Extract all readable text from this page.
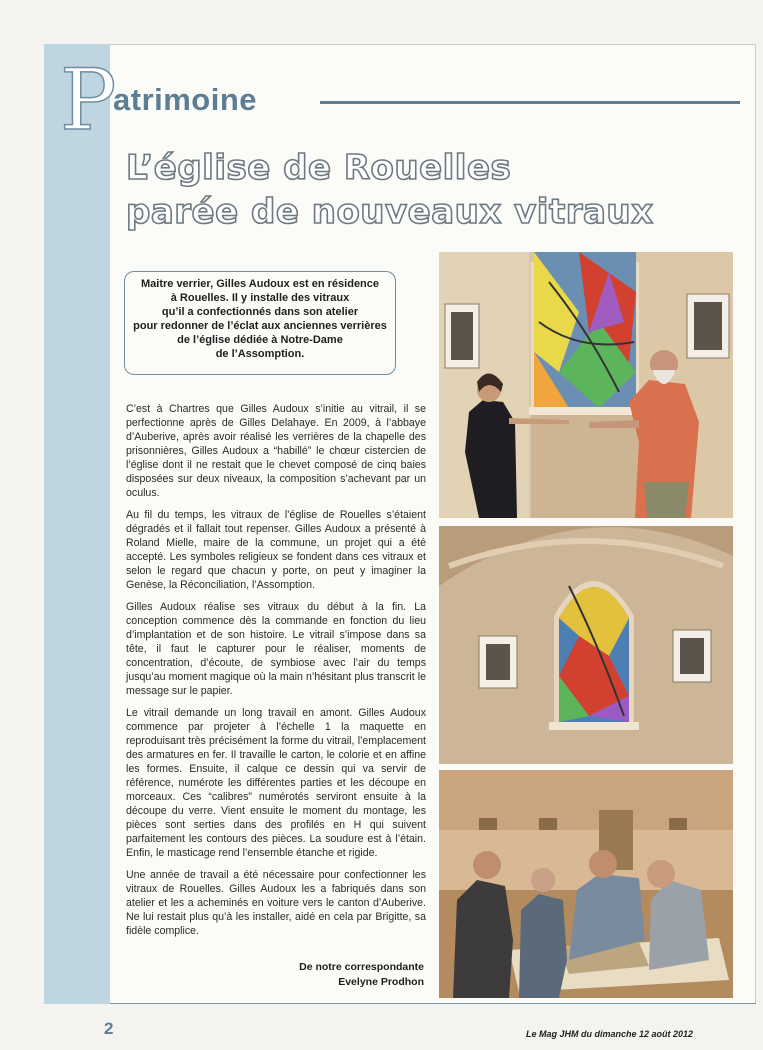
P
atrimoine
L’église de Rouelles
parée de nouveaux vitraux
Maitre verrier, Gilles Audoux est en résidence
à Rouelles. Il y installe des vitraux
qu’il a confectionnés dans son atelier
pour redonner de l’éclat aux anciennes verrières
de l’église dédiée à Notre-Dame
de l’Assomption.

C’est à Chartres que Gilles Audoux s’initie au vitrail, il se perfectionne après de Gilles Delahaye. En 2009, à l’abbaye d’Auberive, après avoir réalisé les verrières de la chapelle des prisonnières, Gilles Audoux a “habillé” le chœur cistercien de l’église dont il ne restait que le chevet composé de cinq baies disposées sur deux niveaux, la composition s’achevant par un oculus.

Au fil du temps, les vitraux de l’église de Rouelles s’étaient dégradés et il fallait tout repenser. Gilles Audoux a présenté à Roland Mielle, maire de la commune, un projet qui a été accepté. Les symboles religieux se fondent dans ces vitraux et selon le regard que chacun y porte, on peut y imaginer la Genèse, la Réconciliation, l’Assomption.

Gilles Audoux réalise ses vitraux du début à la fin. La conception commence dès la commande en fonction du lieu d’implantation et de son histoire. Le vitrail s’impose dans sa tête, il faut le capturer pour le réaliser, moments de concentration, d’écoute, de symbiose avec l’air du temps jusqu’au moment magique où la main n’hésitant plus transcrit le message sur le papier.

Le vitrail demande un long travail en amont. Gilles Audoux commence par projeter à l’échelle 1 la maquette en reproduisant très précisément la forme du vitrail, l’emplacement des armatures en fer. Il travaille le carton, le colorie et en affine les formes. Ensuite, il calque ce dessin qui va servir de référence, numérote les différentes parties et les découpe en morceaux. Ces “calibres” numérotés serviront ensuite à la découpe du verre. Vient ensuite le moment du montage, les pièces sont serties dans des profilés en H qui suivent parfaitement les contours des pièces. La soudure est à l’étain. Enfin, le masticage rend l’ensemble étanche et rigide.

Une année de travail a été nécessaire pour confectionner les vitraux de Rouelles. Gilles Audoux les a fabriqués dans son atelier et les a acheminés en voiture vers le canton d’Auberive. Ne lui restait plus qu’à les installer, aidé en cela par Brigitte, sa fidèle complice.

De notre correspondante
Evelyne Prodhon
2	Le Mag JHM du dimanche 12 août 2012
